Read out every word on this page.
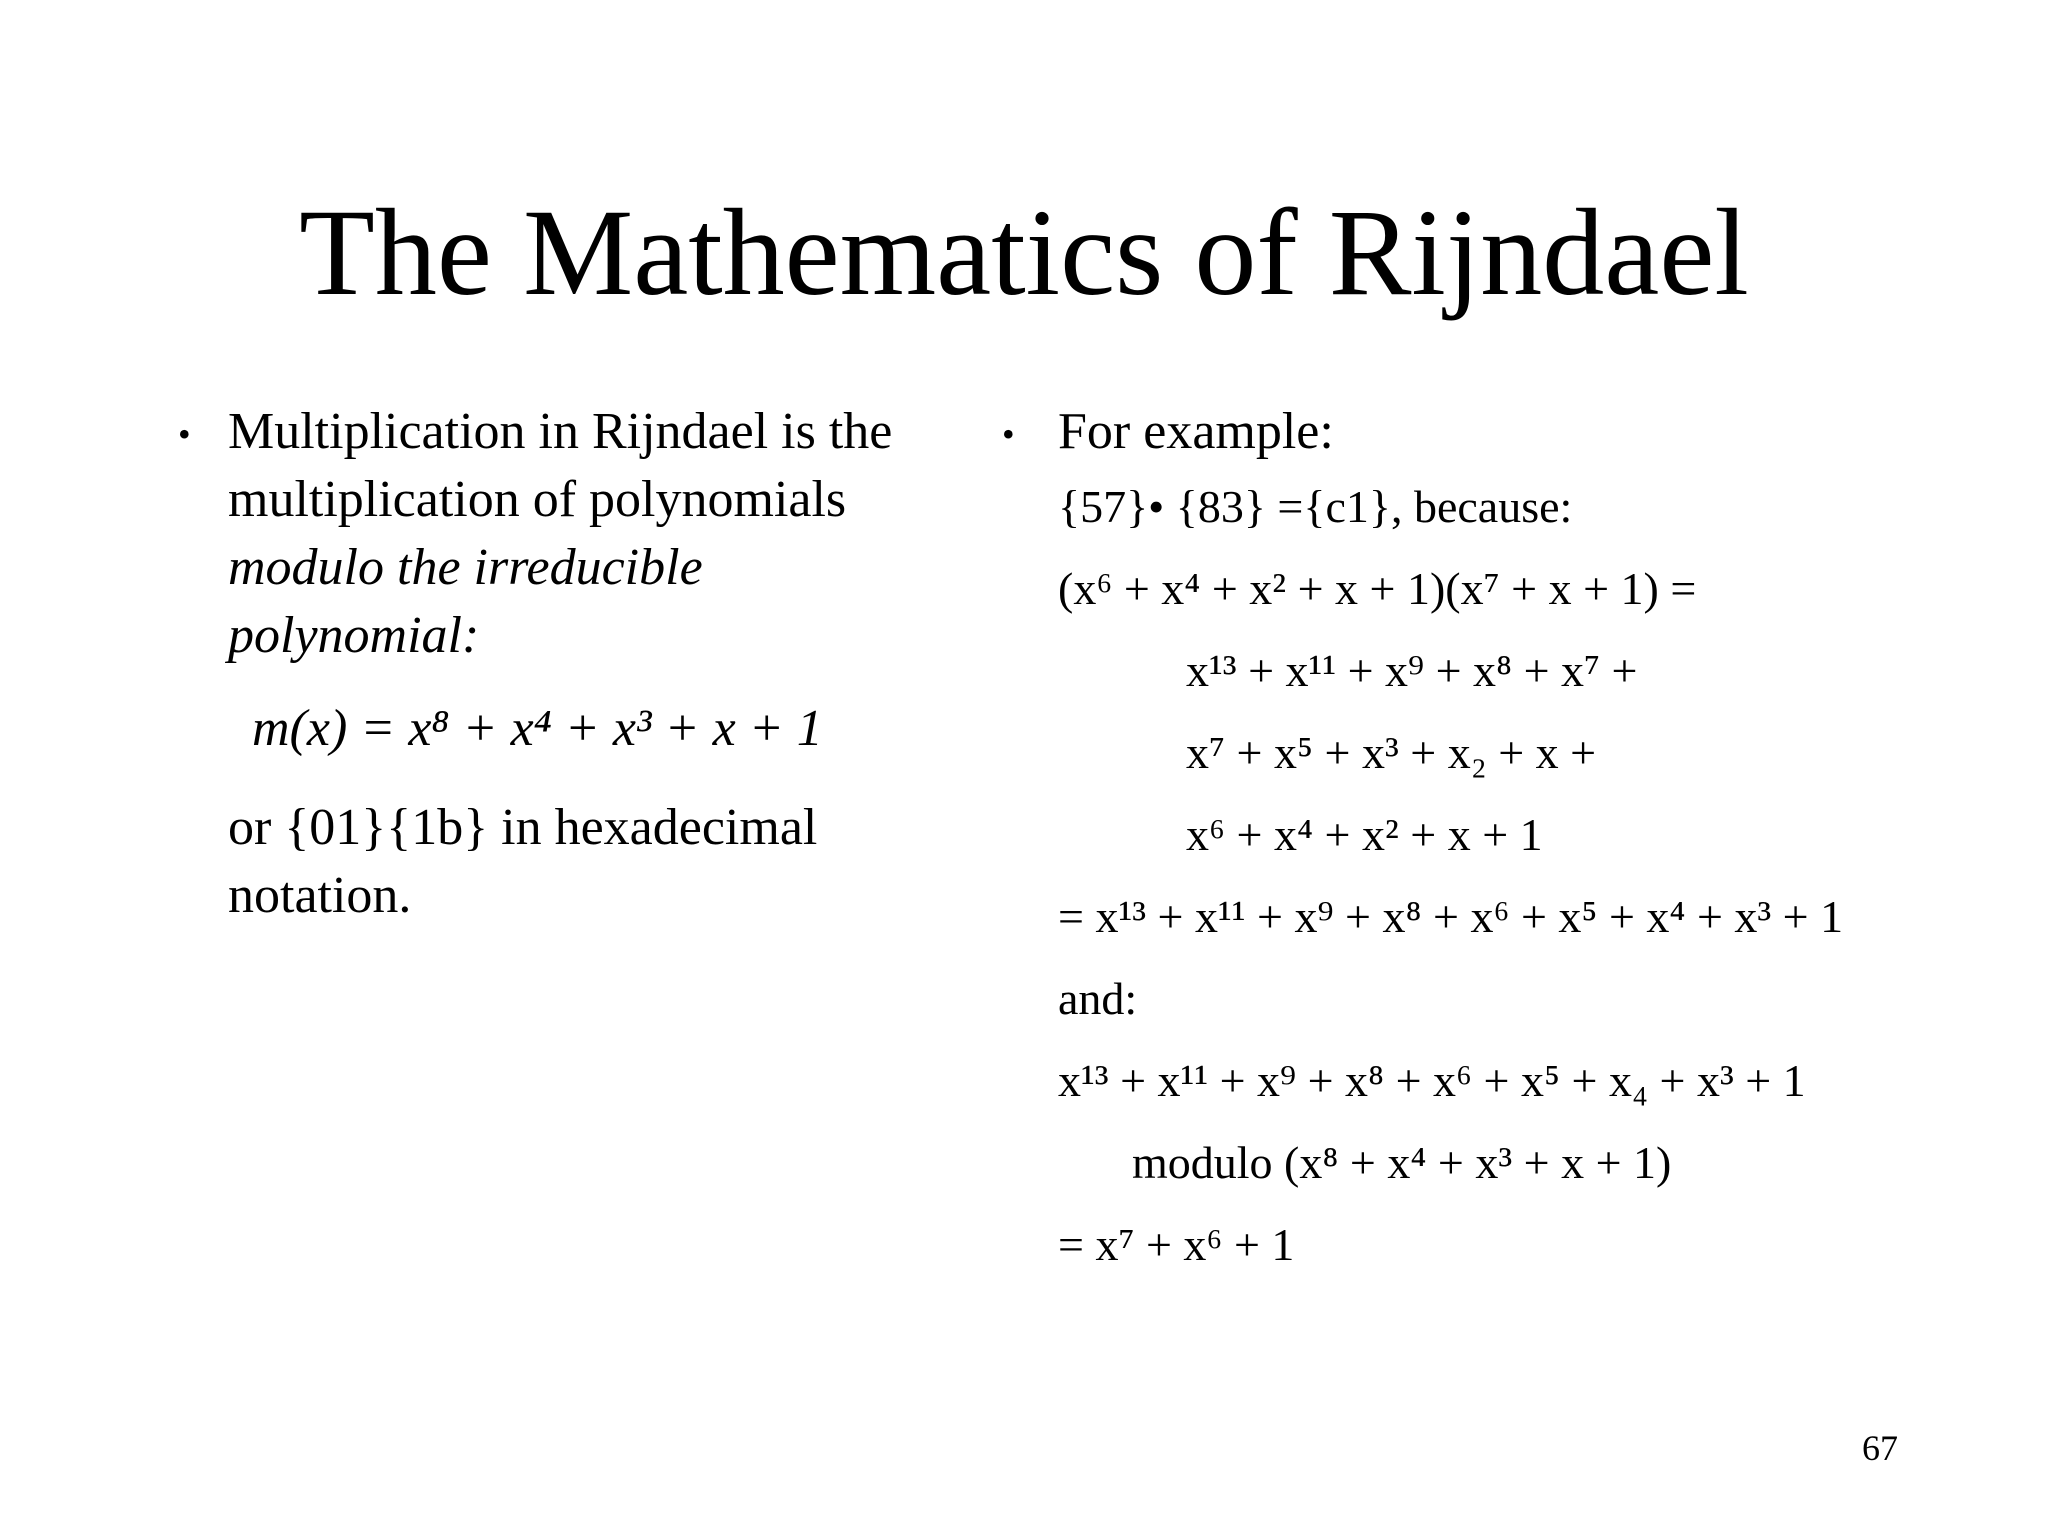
The Mathematics of Rijndael
•	•
Multiplication in Rijndael is the
multiplication of polynomials
modulo the irreducible
polynomial:
m(x) = x⁸ + x⁴ + x³ + x + 1
or {01}{1b} in hexadecimal
notation.
For example:
{57}• {83} ={c1}, because:
(x⁶ + x⁴ + x² + x + 1)(x⁷ + x + 1) =
x¹³ + x¹¹ + x⁹ + x⁸ + x⁷ +
x⁷ + x⁵ + x³ + x₂ + x +
x⁶ + x⁴ + x² + x + 1
= x¹³ + x¹¹ + x⁹ + x⁸ + x⁶ + x⁵ + x⁴ + x³ + 1
and:
x¹³ + x¹¹ + x⁹ + x⁸ + x⁶ + x⁵ + x₄ + x³ + 1
modulo (x⁸ + x⁴ + x³ + x + 1)
= x⁷ + x⁶ + 1
67
